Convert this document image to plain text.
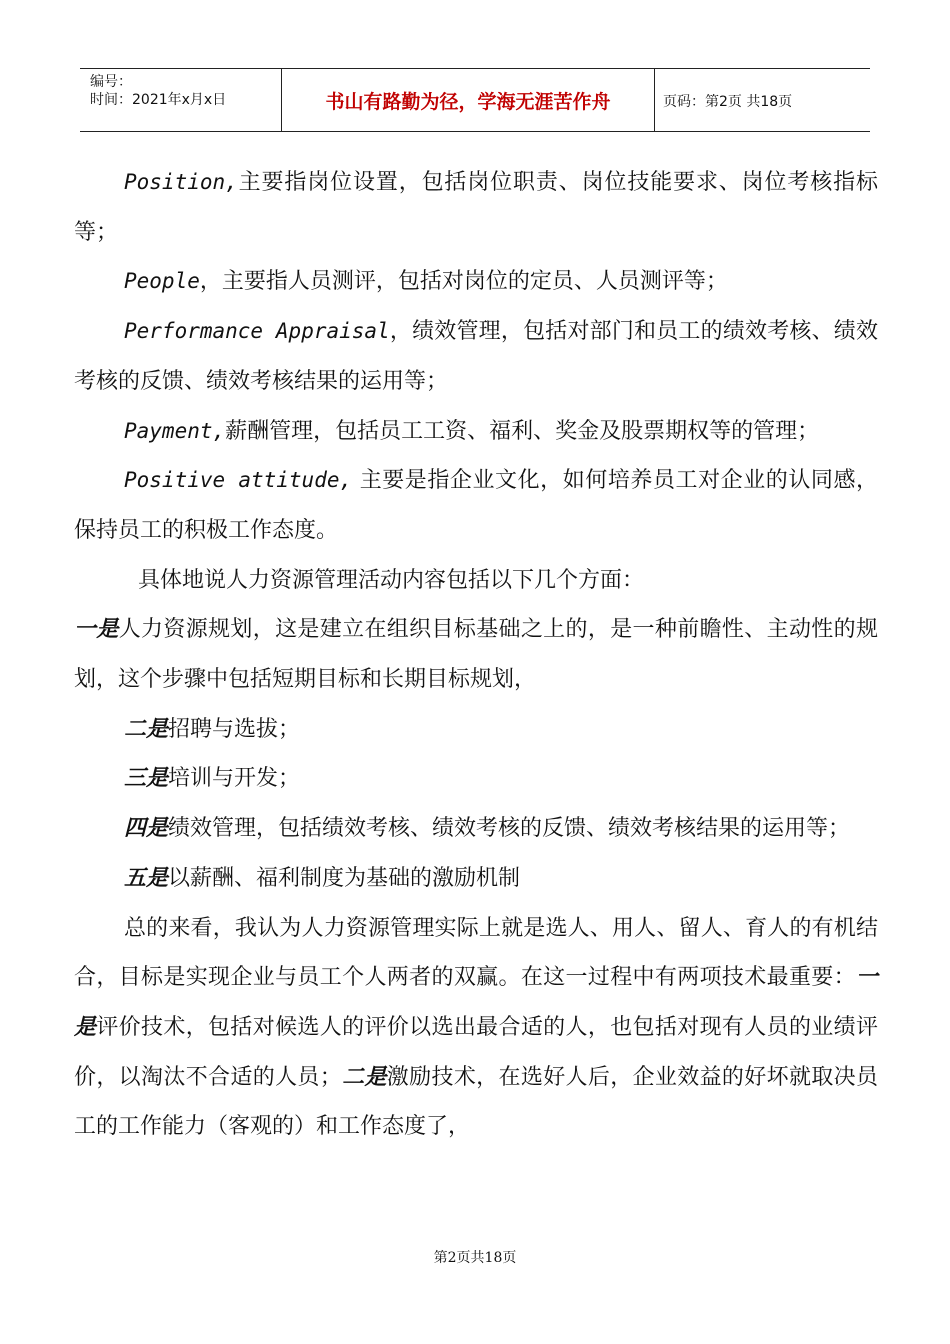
编号：
时间：2021年x月x日	书山有路勤为径，学海无涯苦作舟	页码：第2页 共18页

Position,主要指岗位设置，包括岗位职责、岗位技能要求、岗位考核指标等；

People，主要指人员测评，包括对岗位的定员、人员测评等；

Performance Appraisal，绩效管理，包括对部门和员工的绩效考核、绩效考核的反馈、绩效考核结果的运用等；

Payment,薪酬管理，包括员工工资、福利、奖金及股票期权等的管理；

Positive attitude, 主要是指企业文化，如何培养员工对企业的认同感，保持员工的积极工作态度。

具体地说人力资源管理活动内容包括以下几个方面：

一是人力资源规划，这是建立在组织目标基础之上的，是一种前瞻性、主动性的规划，这个步骤中包括短期目标和长期目标规划，

二是招聘与选拔；

三是培训与开发；

四是绩效管理，包括绩效考核、绩效考核的反馈、绩效考核结果的运用等；

五是以薪酬、福利制度为基础的激励机制

总的来看，我认为人力资源管理实际上就是选人、用人、留人、育人的有机结合，目标是实现企业与员工个人两者的双赢。在这一过程中有两项技术最重要：一是评价技术，包括对候选人的评价以选出最合适的人，也包括对现有人员的业绩评价，以淘汰不合适的人员；二是激励技术，在选好人后，企业效益的好坏就取决员工的工作能力（客观的）和工作态度了，

第2页共18页
